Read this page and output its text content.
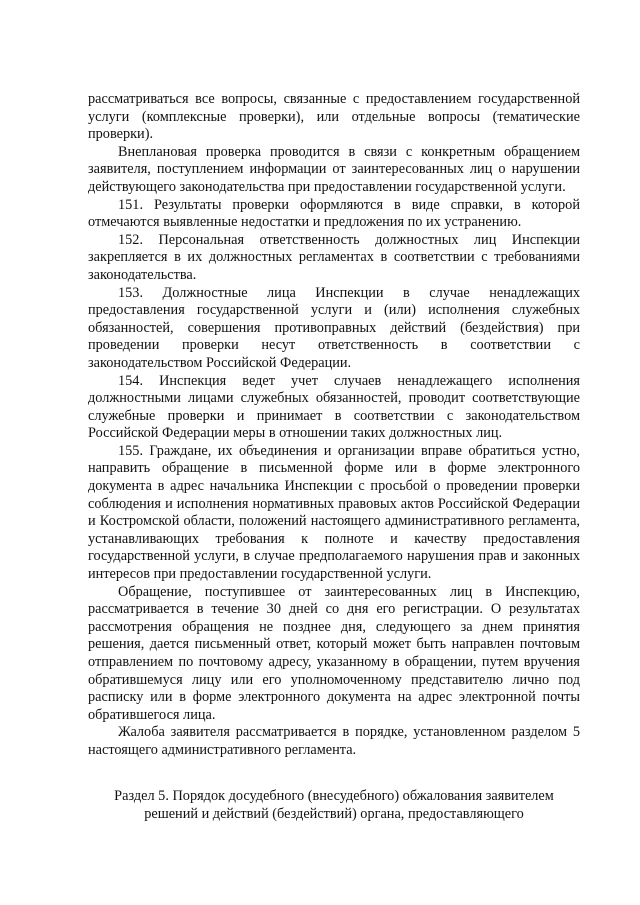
рассматриваться все вопросы, связанные с предоставлением государственной услуги (комплексные проверки), или отдельные вопросы (тематические проверки).

Внеплановая проверка проводится в связи с конкретным обращением заявителя, поступлением информации от заинтересованных лиц о нарушении действующего законодательства при предоставлении государственной услуги.

151. Результаты проверки оформляются в виде справки, в которой отмечаются выявленные недостатки и предложения по их устранению.

152. Персональная ответственность должностных лиц Инспекции закрепляется в их должностных регламентах в соответствии с требованиями законодательства.

153. Должностные лица Инспекции в случае ненадлежащих предоставления государственной услуги и (или) исполнения служебных обязанностей, совершения противоправных действий (бездействия) при проведении проверки несут ответственность в соответствии с законодательством Российской Федерации.

154. Инспекция ведет учет случаев ненадлежащего исполнения должностными лицами служебных обязанностей, проводит соответствующие служебные проверки и принимает в соответствии с законодательством Российской Федерации меры в отношении таких должностных лиц.

155. Граждане, их объединения и организации вправе обратиться устно, направить обращение в письменной форме или в форме электронного документа в адрес начальника Инспекции с просьбой о проведении проверки соблюдения и исполнения нормативных правовых актов Российской Федерации и Костромской области, положений настоящего административного регламента, устанавливающих требования к полноте и качеству предоставления государственной услуги, в случае предполагаемого нарушения прав и законных интересов при предоставлении государственной услуги.

Обращение, поступившее от заинтересованных лиц в Инспекцию, рассматривается в течение 30 дней со дня его регистрации. О результатах рассмотрения обращения не позднее дня, следующего за днем принятия решения, дается письменный ответ, который может быть направлен почтовым отправлением по почтовому адресу, указанному в обращении, путем вручения обратившемуся лицу или его уполномоченному представителю лично под расписку или в форме электронного документа на адрес электронной почты обратившегося лица.

Жалоба заявителя рассматривается в порядке, установленном разделом 5 настоящего административного регламента.

Раздел 5. Порядок досудебного (внесудебного) обжалования заявителем
решений и действий (бездействий) органа, предоставляющего
